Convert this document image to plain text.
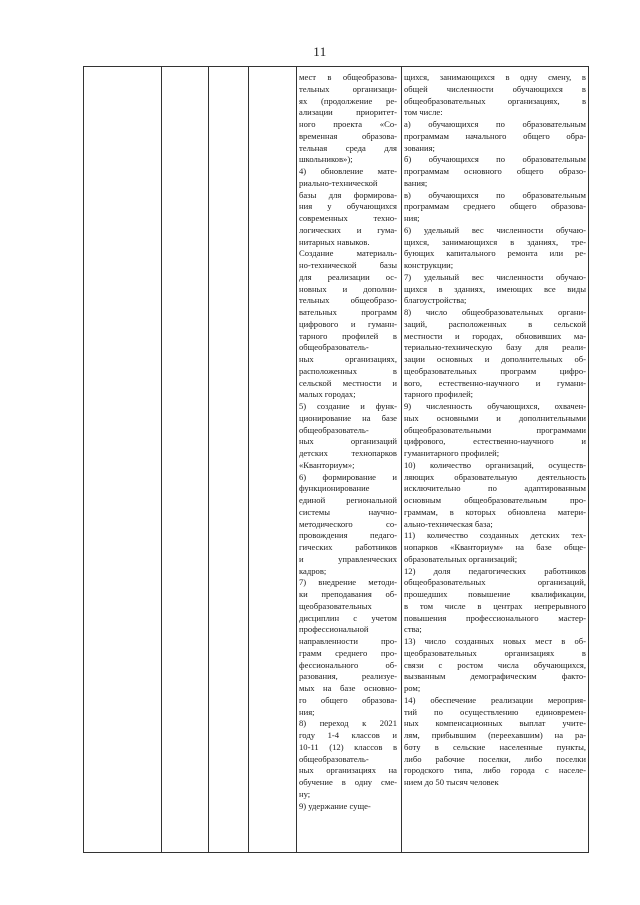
11
мест в общеобразова-
тельных организаци-
ях (продолжение ре-
ализации приоритет-
ного проекта «Со-
временная образова-
тельная среда для
школьников»);
4) обновление мате-
риально-технической
базы для формирова-
ния у обучающихся
современных техно-
логических и гума-
нитарных навыков.
Создание материаль-
но-технической базы
для реализации ос-
новных и дополни-
тельных общеобразо-
вательных программ
цифрового и гуманн-
тарного профилей в
общеобразователь-
ных организациях,
расположенных в
сельской местности и
малых городах;
5) создание и функ-
ционирование на базе
общеобразователь-
ных организаций
детских технопарков
«Кванториум»;
6) формирование и
функционирование
единой региональной
системы научно-
методического со-
провождения педаго-
гических работников
и управленческих
кадров;
7) внедрение методи-
ки преподавания об-
щеобразовательных
дисциплин с учетом
профессиональной
направленности про-
грамм среднего про-
фессионального об-
разования, реализуе-
мых на базе основно-
го общего образова-
ния;
8) переход к 2021
году 1-4 классов и
10-11 (12) классов в
общеобразователь-
ных организациях на
обучение в одну сме-
ну;
9) удержание суще-
щихся, занимающихся в одну смену, в
общей численности обучающихся в
общеобразовательных организациях, в
том числе:
а) обучающихся по образовательным
программам начального общего обра-
зования;
б) обучающихся по образовательным
программам основного общего образо-
вания;
в) обучающихся по образовательным
программам среднего общего образова-
ния;
6) удельный вес численности обучаю-
щихся, занимающихся в зданиях, тре-
бующих капитального ремонта или ре-
конструкции;
7) удельный вес численности обучаю-
щихся в зданиях, имеющих все виды
благоустройства;
8) число общеобразовательных органи-
заций, расположенных в сельской
местности и городах, обновивших ма-
териально-техническую базу для реали-
зации основных и дополнительных об-
щеобразовательных программ цифро-
вого, естественно-научного и гумани-
тарного профилей;
9) численность обучающихся, охвачен-
ных основными и дополнительными
общеобразовательными программами
цифрового, естественно-научного и
гуманитарного профилей;
10) количество организаций, осуществ-
ляющих образовательную деятельность
исключительно по адаптированным
основным общеобразовательным про-
граммам, в которых обновлена матери-
ально-техническая база;
11) количество созданных детских тех-
нопарков «Кванториум» на базе обще-
образовательных организаций;
12) доля педагогических работников
общеобразовательных организаций,
прошедших повышение квалификации,
в том числе в центрах непрерывного
повышения профессионального мастер-
ства;
13) число созданных новых мест в об-
щеобразовательных организациях в
связи с ростом числа обучающихся,
вызванным демографическим факто-
ром;
14) обеспечение реализации мероприя-
тий по осуществлению единовремен-
ных компенсационных выплат учите-
лям, прибывшим (переехавшим) на ра-
боту в сельские населенные пункты,
либо рабочие поселки, либо поселки
городского типа, либо города с населе-
нием до 50 тысяч человек
